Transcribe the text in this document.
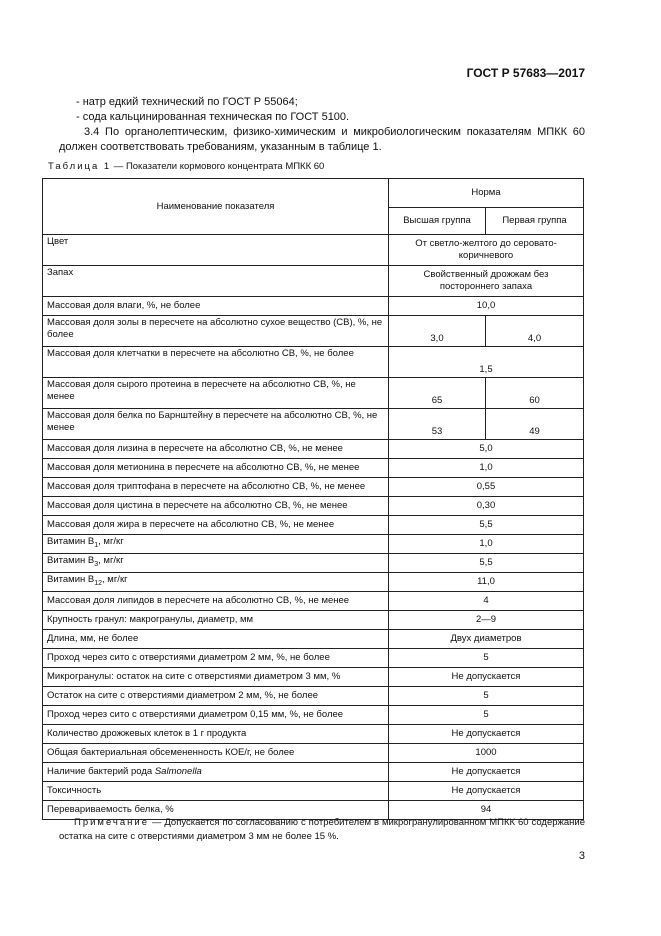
ГОСТ Р 57683—2017

- натр едкий технический по ГОСТ Р 55064;

- сода кальцинированная техническая по ГОСТ 5100.

3.4 По органолептическим, физико-химическим и микробиологическим показателям МПКК 60 должен соответствовать требованиям, указанным в таблице 1.

Таблица 1 — Показатели кормового концентрата МПКК 60
Наименование показателя	Норма	
	Высшая группа	Первая группа
Цвет	От светло-желтого до серовато-коричневого	
Запах	Свойственный дрожжам без постороннего запаха	
Массовая доля влаги, %, не более	10,0	
Массовая доля золы в пересчете на абсолютно сухое вещество (СВ), %, не более	3,0	4,0
Массовая доля клетчатки в пересчете на абсолютно СВ, %, не более	1,5	
Массовая доля сырого протеина в пересчете на абсолютно СВ, %, не менее	65	60
Массовая доля белка по Барнштейну в пересчете на абсолютно СВ, %, не менее	53	49
Массовая доля лизина в пересчете на абсолютно СВ, %, не менее	5,0	
Массовая доля метионина в пересчете на абсолютно СВ, %, не менее	1,0	
Массовая доля триптофана в пересчете на абсолютно СВ, %, не менее	0,55	
Массовая доля цистина в пересчете на абсолютно СВ, %, не менее	0,30	
Массовая доля жира в пересчете на абсолютно СВ, %, не менее	5,5	
Витамин $В_1$, мг/кг	1,0	
Витамин $В_3$, мг/кг	5,5	
Витамин $В_{12}$, мг/кг	11,0	
Массовая доля липидов в пересчете на абсолютно СВ, %, не менее	4	
Крупность гранул: макрогранулы, диаметр, мм	2—9	
Длина, мм, не более	Двух диаметров	
Проход через сито с отверстиями диаметром 2 мм, %, не более	5	
Микрогранулы: остаток на сите с отверстиями диаметром 3 мм, %	Не допускается	
Остаток на сите с отверстиями диаметром 2 мм, %, не более	5	
Проход через сито с отверстиями диаметром 0,15 мм, %, не более	5	
Количество дрожжевых клеток в 1 г продукта	Не допускается	
Общая бактериальная обсемененность КОЕ/г, не более	1000	
Наличие бактерий рода Salmonella	Не допускается	
Токсичность	Не допускается	
Перевариваемость белка, %	94	
Примечание — Допускается по согласованию с потребителем в микрогранулированном МПКК 60 содержание остатка на сите с отверстиями диаметром 3 мм не более 15 %.
3
